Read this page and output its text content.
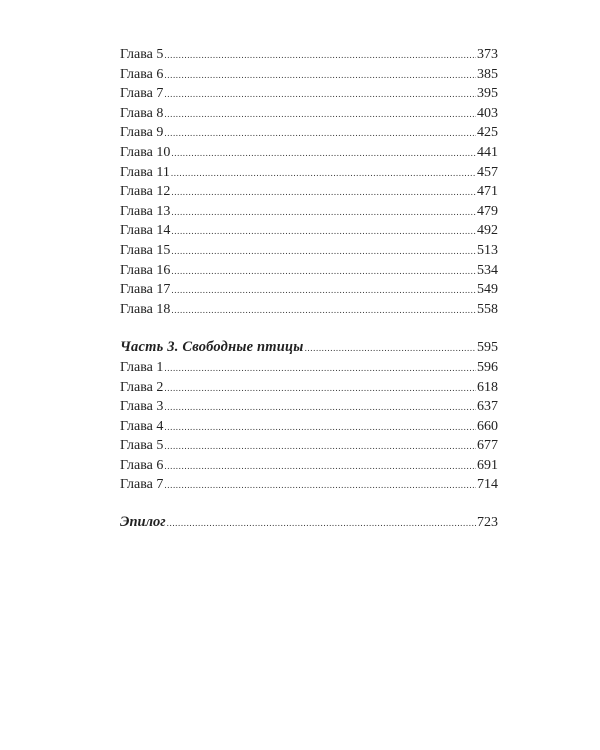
Глава 5 .....	373
Глава 6 .....	385
Глава 7 .....	395
Глава 8 .....	403
Глава 9 .....	425
Глава 10 .....	441
Глава 11 .....	457
Глава 12 .....	471
Глава 13 .....	479
Глава 14 .....	492
Глава 15 .....	513
Глава 16 .....	534
Глава 17 .....	549
Глава 18 .....	558
Часть 3. Свободные птицы .....	595
Глава 1 .....	596
Глава 2 .....	618
Глава 3 .....	637
Глава 4 .....	660
Глава 5 .....	677
Глава 6 .....	691
Глава 7 .....	714
Эпилог .....	723
